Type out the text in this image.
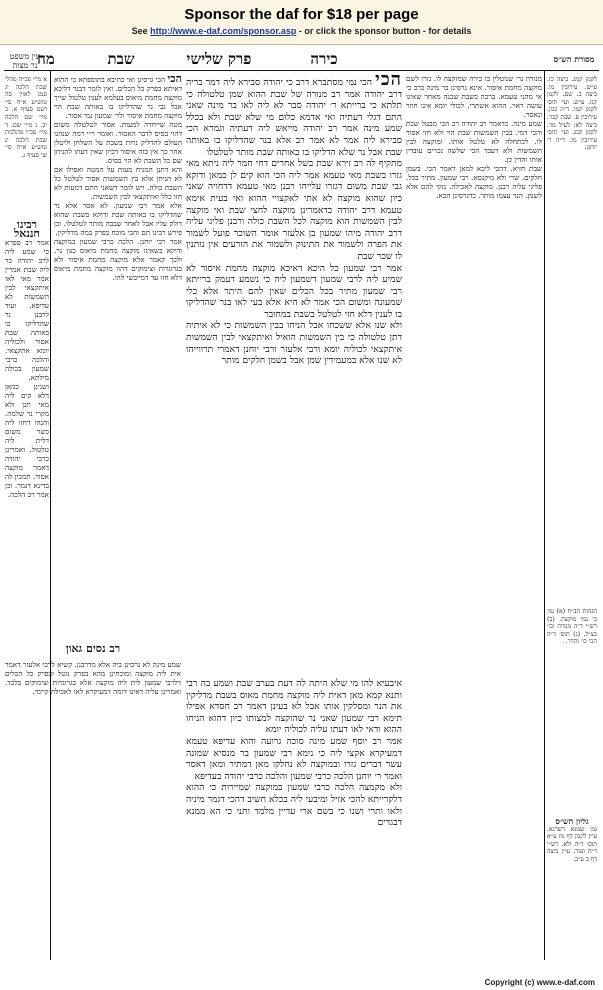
Sponsor the daf for $18 per page
See http://www.e-daf.com/sponsor.asp - or click the sponsor button - for details
מה	שבת	פרק שלישי	כירה
עין משפט
נר מצוה
מסורת הש״ס

א מיי׳ פכ״ה מהל׳ שבת הלכה יג סמג לאוין סה טוש״ע א״ח סי׳ רעט סעיף א. ב מיי׳ שם הלכה יב. ג מיי׳ שם. ד מיי׳ פכ״ו מהלכות שבת הלכה יג טוש״ע א״ח סי׳ שי סעיף ג.

רבינו חננאל

אמר רב ספרא כי שמע ליה לרב יהודה בר ליה שבת אמרין אמר מאי לאו איתקצאי לבין השמשות לא עדיפא. ועוד לרבנן נר שהדליקו בו באותה שבת אסור ולכוליה יומא אתקצאי. והלכה כרבי שמעון בכולה מילתא.

ושנינן כמאן דלא קים ליה מאי תנן ולא מקרי נר שלמה. והנהו דחזו ליה כשר משום דלית ליה טלטול. ואמרינן כרבי יהודה דאמר מוקצה אסור. תמכין לה בדינא דגמר. וכן אמר רב הלכה.

הכי הכי גרסינן ואי כתיבא בתוספתא כי ההוא דאיתא בפרק כל הכלים. ואין לומר דבנר דליכא מוקצה מחמת מיאוס בעלמא לענין טלטול שייך אבל גבי נר שהדליקו בו באותה שבת הוי מוקצה מחמת איסור ולר׳ שמעון נמי אסור.

מטה שייחדה למעות. אסור לטלטלה משום דהוי בסיס לדבר האסור. ואומר ר״י דמה שנהגו העולם להדליק נרות בשבת על השלחן וליטלן אחר כך אין בזה איסור דכיון שאין דעתו להניחן שם כל השבת לא הוי בסיס.

והא דתנן המניח מעות על המטה ואפילו אם לא הניחן אלא בין השמשות אסור לטלטל כל השבת כולה. ויש לומר דשאני התם דמעות לא חזו כלל ואיתקצאי לבין השמשות.

אלא אמר רבי שמעון. לא אסר אלא נר שהדליקו בו באותה שבת ודוקא בשבת שהוא דולק עליו אבל לאחר שכבה מותר לטלטלו. וכן פירש רבינו תם והכי מוכח בפרק במה מדליקין.

אמר רבי יוחנן. הלכה כרבי שמעון במוקצה ודוקא בשאינו מוקצה מחמת מיאוס כגון נר. ולכך קאמר אלא מוקצה מחמת איסור ולא בגרוגרות וצימוקים דהוו מוקצה מחמת מיאוס דלא חזו עד דמייבשי להו.

רב נסים גאון

שמע מינה לא גרסינן ביה אלא מדרבנן. קשיא לרבי אלעזר דאמר אית ליה מוקצה ומוכחינן מהא בפרק נוטל ובפרק כל הכלים דלרבי שמעון לית ליה מוקצה אלא בגרוגרות וצימוקים בלבד. ואמרינן עליה דאינו דומה דמעיקרא לאו לאכילה קיימי.

הכי הכי נמי מסתברא דרב כי יהודה סבירא ליה דמר בריה דרב יהודה אמר רב מנורה של שבת ההוא שמן טלטולה כי תלתא כי ברייתא ר׳ יהודה סבר לא ליה לאו בר מינה שאני התם דגלי דעתיה ואי אדמא כלום מי שלא שבת ולא בכלל שמע מינה אמר רב יהודה מייאש ליה דעתיה וגמרא הכי סבירא ליה אמר לא אמר רב אלא בנר שהדליקו בו באותה שבת אבל נר שלא הדליקו בו באותה שבת מותר לטלטלו

מתקיף לה רב זירא שבת בשל אחרים דחי חמר ליה ניתא מאי גזרו בשבת מאי טעמא אמר ליה הכי הוא קים לן כמאן ודוקא גבי שבת משום דגזרו עלייהו רבנן מאי טעמא דדחויה שאני כיון שהוא מוקצה לא אתי לאקצויי ההוא ואי בעית אימא טעמא דרב יהודה כדאמרינן מוקצה לחצי שבת ואי מוקצה לבין השמשות הוא מוקצה לכל השבת כולה ורבנן פליגי עליה דרב יהודה מיהו שמעון בן אלעזר אומר השוכר פועל לשמור את הפרה ולשמור את התינוק ולשמור את הזרעים אין נותנין לו שכר שבת

אמר רבי שמעון כל היכא דאיכא מוקצה מחמת איסור לא שמיע ליה לרבי שמעון דשמעון ליה כי נשמע דעמק ברייתא רבי שמעון מתיר בכל הכלים שאין להם היתר אלא כלי שמעונה ומשום הכי אמר לא היא אלא בעי לאו בנר שהדליקו בו לענין דלא חזי לטלטל בשבת במחובר

ולא שנו אלא ששכחו אבל הניחו בבין השמשות כי לא איתיה דתן טלטולה כי בין השמשות הואיל ואיתקצאי לבין השמשות איתקצאי לכוליה יומא ורבי אלעזר ורבי יוחנן דאמרי תרווייהו לא שנו אלא במעמידין שמן אבל בשמן חלקים מותר

איבעיא להו מי שלא היתה לה דעת בערב שבת ושמע בה רבי ותנא קמא מאן דאית ליה מוקצה מחמת מאוס בשבת מדליקין את הנר ומסלקין אותו אבל לא בעינן דאמר רב חסדא אפילו תימא רבי שמעון שאני נר שהוקצה למצותו כיון דהוא הניחו ההוא ודאי לאו דעתו עליה לכוליה יומא

אמר רב יוסף שמע מינה סוכה גרועה והוא עדיפא טעמא דמעיקרא אקצי ליה כי נימא רבי שמעון בר מנסיא שמונה עשר דברים גזרו ובמוקצה לא נחלקו מאן דמתיר ומאן דאסר ואמר ר׳ יוחנן הלכה כרבי שמעון והלכה כרבי יהודה בעדיפא

ולא מקמצה הלכה כרבי שמעון במוקצה שמיירות כי ההוא דלקרייתא להכי אזיל ומיבעי ליה בכלא חשיב דהכי דגמר מיניה ולאו ותרי ושנו כי בשם ארי עדיין מלמד ותני כי הא ממנא דבגדים

מנורה נר׳ שנוטלין בו כירה שמוקצה לו. גזרו לשם מוקצה מחמת איסור. אינא גרסינן בר מינה כרב כי אי מהני טעמא. ברכה בשבת שבנה מאחר שאינו עושה ראוי. ההוא אשתרי. לכולי יומא אינו חוזר ונאסר.

שמע מינה. כדאמר רב יהודה רב הכי מבטל שבת והכי דמי. בבין השמשות שבת הוי ולא חזי אסור לו. לכתחלה לא טלטל אותו. ומוקצה לבין השמשות ולא דעבד הכי שלשה נכרים עובדין אותו והדין כן.

שבת חזיא. דהכי ליכא למאן דאמר הכי. בשמן חלקים. שרי ולא מיקנסא. רבי שמעון. מתיר בכל. פליגי עליה רבנן. מוקצה לאכילה. נזקי להם אלא לשמן. הנר עצמו מותר. כדגרסינן הכא.

לקמן קמג. ביצה כז. ע״ש. עירובין מו. ביצה ב. שם. לקמן קנז. ע״ש. ועי׳ תוס׳ לקמן קמו. ד״ה כגון. עירובין פ. שבת קכד. ביצה לא: לעיל מד. לקמן קכג. ועי׳ תוס׳ עירובין מו. ד״ה ר׳ יוחנן.

הגהות הב״ח (א) גמ׳ כי נמי מוקצה. (ב) רש״י ד״ה מנורה וכו׳ כצ״ל. (ג) תוס׳ ד״ה הכי כו׳ והדר.

גליון הש״ס

גמ׳ שמנא דשרגא. עיין לקמן דף מז ע״א תוס׳ ד״ה ולא. רש״י ד״ה ועוד. עיין ביצה דף ב ע״ב.

Copyright (c) www.e-daf.com
